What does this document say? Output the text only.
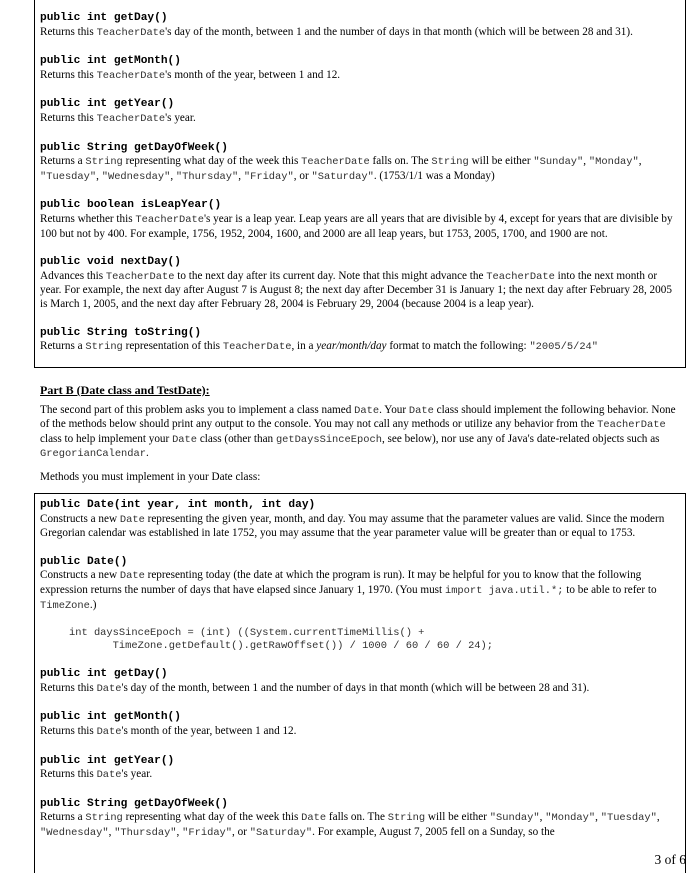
public int getDay()

Returns this TeacherDate's day of the month, between 1 and the number of days in that month (which will be between 28 and 31).

public int getMonth()

Returns this TeacherDate's month of the year, between 1 and 12.

public int getYear()

Returns this TeacherDate's year.

public String getDayOfWeek()

Returns a String representing what day of the week this TeacherDate falls on. The String will be either "Sunday", "Monday", "Tuesday", "Wednesday", "Thursday", "Friday", or "Saturday". (1753/1/1 was a Monday)

public boolean isLeapYear()

Returns whether this TeacherDate's year is a leap year. Leap years are all years that are divisible by 4, except for years that are divisible by 100 but not by 400. For example, 1756, 1952, 2004, 1600, and 2000 are all leap years, but 1753, 2005, 1700, and 1900 are not.

public void nextDay()

Advances this TeacherDate to the next day after its current day. Note that this might advance the TeacherDate into the next month or year. For example, the next day after August 7 is August 8; the next day after December 31 is January 1; the next day after February 28, 2005 is March 1, 2005, and the next day after February 28, 2004 is February 29, 2004 (because 2004 is a leap year).

public String toString()

Returns a String representation of this TeacherDate, in a year/month/day format to match the following: "2005/5/24"

Part B (Date class and TestDate):

The second part of this problem asks you to implement a class named Date. Your Date class should implement the following behavior. None of the methods below should print any output to the console. You may not call any methods or utilize any behavior from the TeacherDate class to help implement your Date class (other than getDaysSinceEpoch, see below), nor use any of Java's date-related objects such as GregorianCalendar.

Methods you must implement in your Date class:

public Date(int year, int month, int day)

Constructs a new Date representing the given year, month, and day. You may assume that the parameter values are valid. Since the modern Gregorian calendar was established in late 1752, you may assume that the year parameter value will be greater than or equal to 1753.

public Date()

Constructs a new Date representing today (the date at which the program is run). It may be helpful for you to know that the following expression returns the number of days that have elapsed since January 1, 1970. (You must import java.util.*; to be able to refer to TimeZone.)

int daysSinceEpoch = (int) ((System.currentTimeMillis() +
TimeZone.getDefault().getRawOffset()) / 1000 / 60 / 60 / 24);
public int getDay()

Returns this Date's day of the month, between 1 and the number of days in that month (which will be between 28 and 31).

public int getMonth()

Returns this Date's month of the year, between 1 and 12.

public int getYear()

Returns this Date's year.

public String getDayOfWeek()

Returns a String representing what day of the week this Date falls on. The String will be either "Sunday", "Monday", "Tuesday", "Wednesday", "Thursday", "Friday", or "Saturday". For example, August 7, 2005 fell on a Sunday, so the

3 of 6
